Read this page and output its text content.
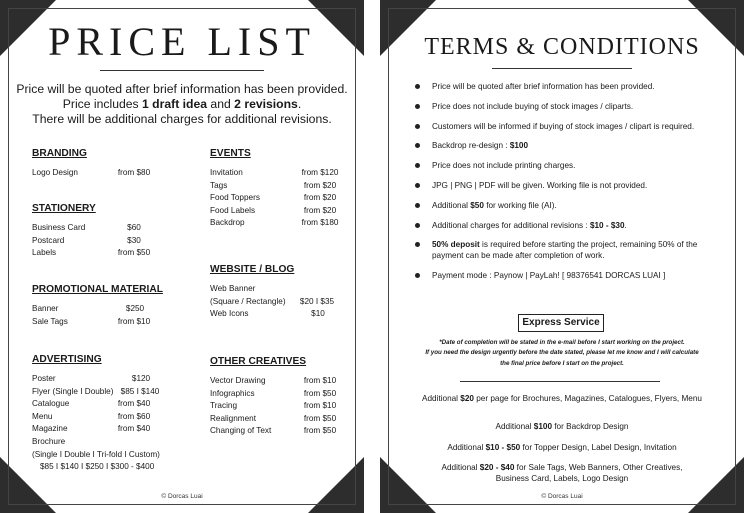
PRICE LIST
Price will be quoted after brief information has been provided.
Price includes 1 draft idea and 2 revisions.
There will be additional charges for additional revisions.
BRANDING
Logo Design	from $80
STATIONERY
Business Card	$60
Postcard	$30
Labels	from $50
PROMOTIONAL MATERIAL
Banner	$250
Sale Tags	from $10
ADVERTISING
Poster	$120
Flyer (Single I Double) $85 I $140
Catalogue	from $40
Menu	from $60
Magazine	from $40
Brochure
(Single I Double I Tri-fold I Custom)
$85 I $140 I $250 I $300 - $400
EVENTS
Invitation	from $120
Tags	from $20
Food Toppers	from $20
Food Labels	from $20
Backdrop	from $180
WEBSITE / BLOG
Web Banner
(Square / Rectangle)	$20 I $35
Web Icons	$10
OTHER CREATIVES
Vector Drawing	from $10
Infographics	from $50
Tracing	from $10
Realignment	from $50
Changing of Text	from $50
© Dorcas Luai
TERMS & CONDITIONS
Price will be quoted after brief information has been provided.
Price does not include buying of stock images / cliparts.
Customers will be informed if buying of stock images / clipart is required.
Backdrop re-design : $100
Price does not include printing charges.
JPG | PNG | PDF will be given. Working file is not provided.
Additional $50 for working file (AI).
Additional charges for additional revisions : $10 - $30.
50% deposit is required before starting the project, remaining 50% of the payment can be made after completion of work.
Payment mode : Paynow | PayLah! [ 98376541 DORCAS LUAI ]
Express Service
*Date of completion will be stated in the e-mail before I start working on the project.
If you need the design urgently before the date stated, please let me know and I will calculate
the final price before I start on the project.
Additional $20 per page for Brochures, Magazines, Catalogues, Flyers, Menu
Additional $100 for Backdrop Design
Additional $10 - $50 for Topper Design, Label Design, Invitation
Additional $20 - $40 for Sale Tags, Web Banners, Other Creatives, Business Card, Labels, Logo Design
© Dorcas Luai
